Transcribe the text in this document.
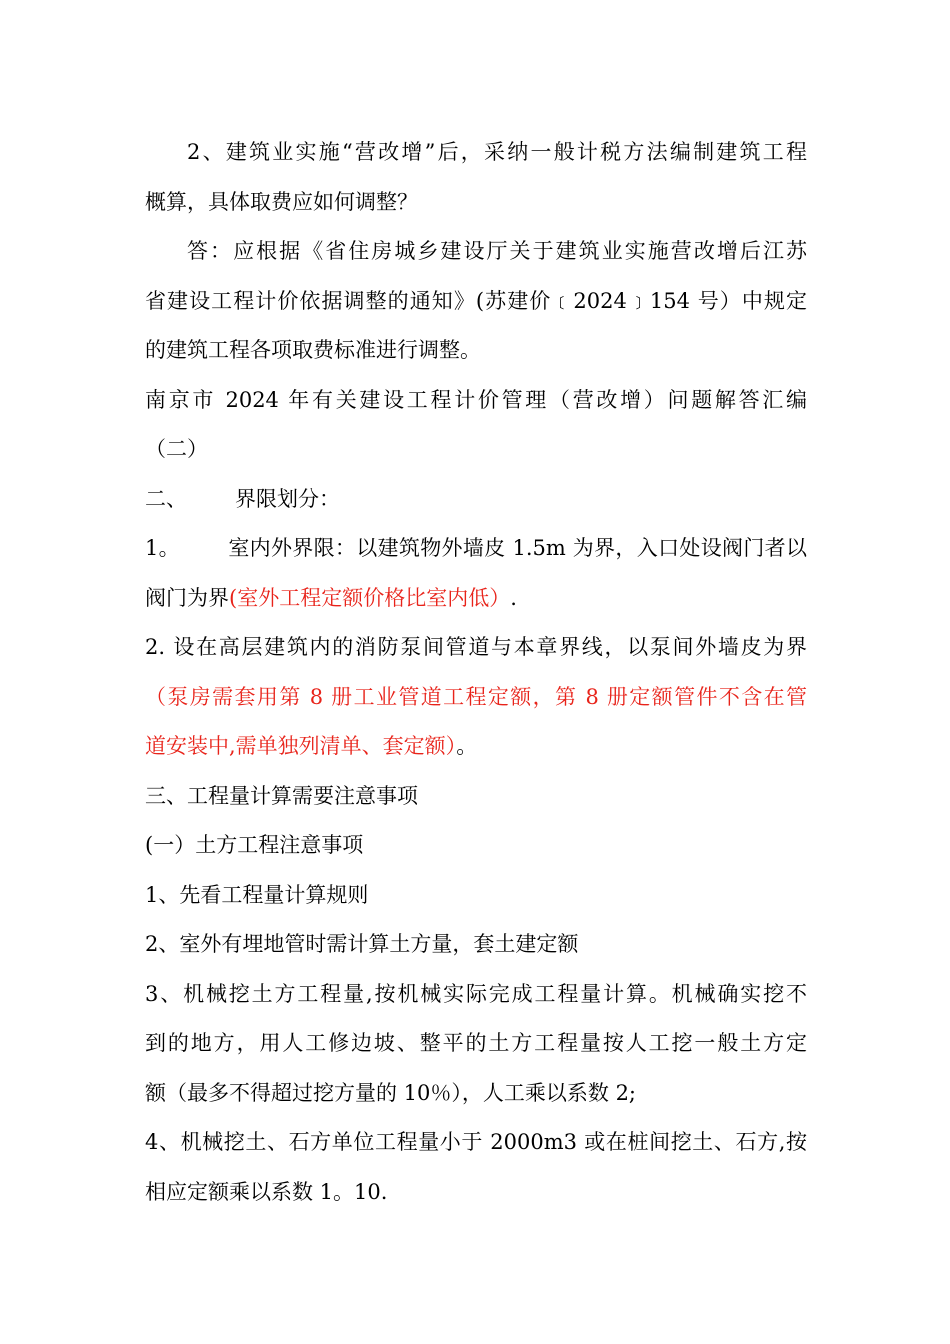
2、建筑业实施“营改增”后，采纳一般计税方法编制建筑工程
概算，具体取费应如何调整？
答：应根据《省住房城乡建设厅关于建筑业实施营改增后江苏
省建设工程计价依据调整的通知》(苏建价﹝2024﹞154 号）中规定
的建筑工程各项取费标准进行调整。
南京市 2024 年有关建设工程计价管理（营改增）问题解答汇编
（二）
二、 界限划分：
1。 室内外界限：以建筑物外墙皮 1.5m 为界，入口处设阀门者以
阀门为界(室外工程定额价格比室内低）.
2. 设在高层建筑内的消防泵间管道与本章界线，以泵间外墙皮为界
（泵房需套用第 8 册工业管道工程定额，第 8 册定额管件不含在管
道安装中,需单独列清单、套定额）。
三、工程量计算需要注意事项
(一）土方工程注意事项
1、先看工程量计算规则
2、室外有埋地管时需计算土方量，套土建定额
3、机械挖土方工程量,按机械实际完成工程量计算。机械确实挖不
到的地方，用人工修边坡、整平的土方工程量按人工挖一般土方定
额（最多不得超过挖方量的 10％），人工乘以系数 2;
4、机械挖土、石方单位工程量小于 2000m3 或在桩间挖土、石方,按
相应定额乘以系数 1。10.
